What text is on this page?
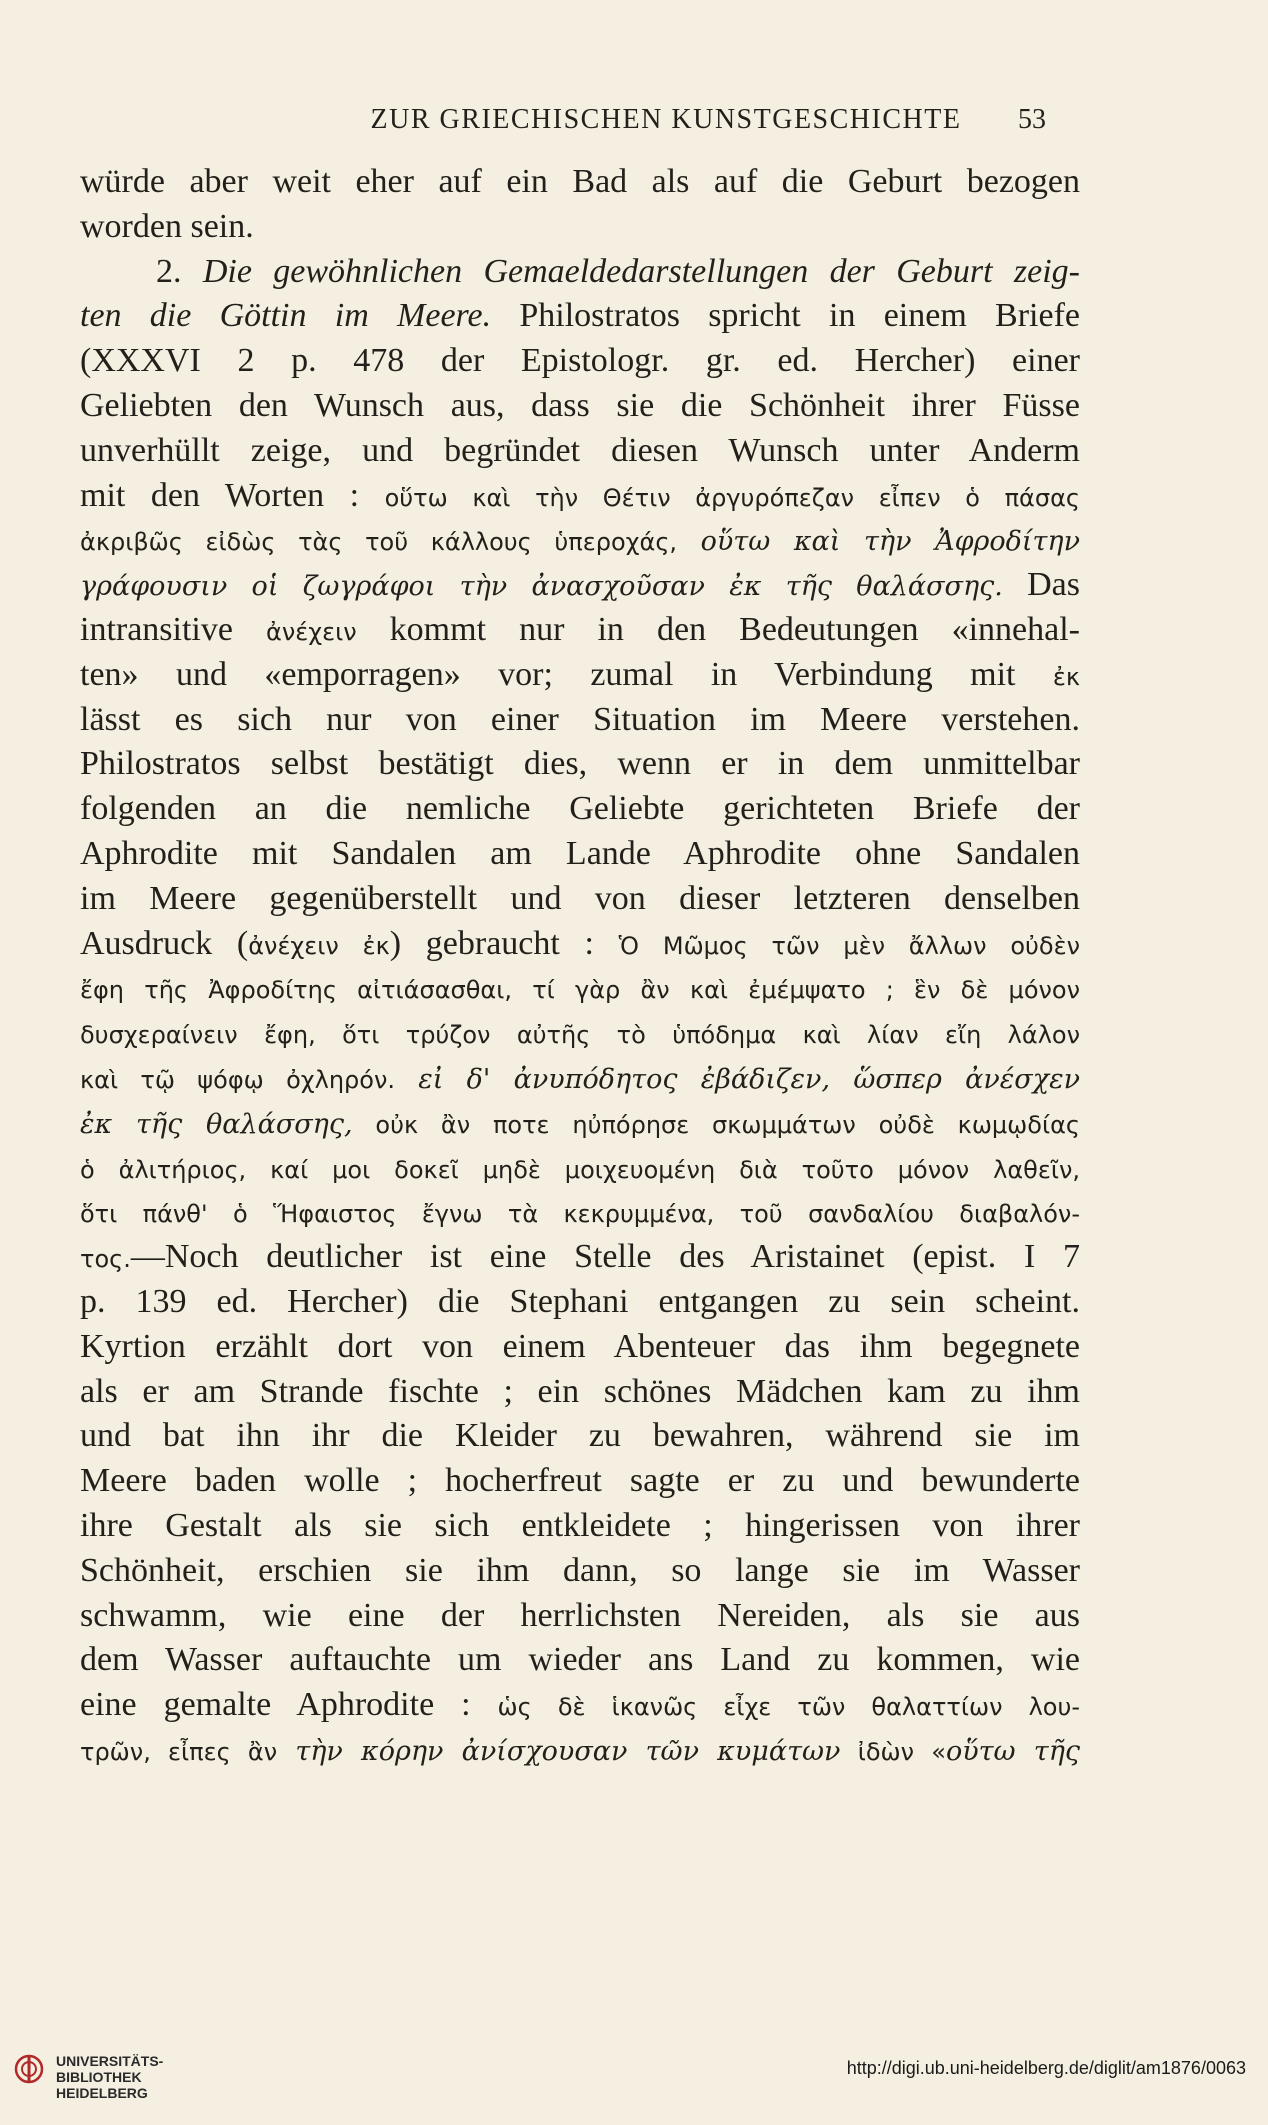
ZUR GRIECHISCHEN KUNSTGESCHICHTE	53
würde aber weit eher auf ein Bad als auf die Geburt bezogen
worden sein.
2. Die gewöhnlichen Gemaeldedarstellungen der Geburt zeig-
ten die Göttin im Meere. Philostratos spricht in einem Briefe
(XXXVI 2 p. 478 der Epistologr. gr. ed. Hercher) einer
Geliebten den Wunsch aus, dass sie die Schönheit ihrer Füsse
unverhüllt zeige, und begründet diesen Wunsch unter Anderm
mit den Worten : οὕτω καὶ τὴν Θέτιν ἀργυρόπεζαν εἶπεν ὁ πάσας
ἀκριβῶς εἰδὼς τὰς τοῦ κάλλους ὑπεροχάς, οὕτω καὶ τὴν Ἀφροδίτην
γράφουσιν οἱ ζωγράφοι τὴν ἀνασχοῦσαν ἐκ τῆς θαλάσσης. Das
intransitive ἀνέχειν kommt nur in den Bedeutungen «innehal-
ten» und «emporragen» vor; zumal in Verbindung mit ἐκ
lässt es sich nur von einer Situation im Meere verstehen.
Philostratos selbst bestätigt dies, wenn er in dem unmittelbar
folgenden an die nemliche Geliebte gerichteten Briefe der
Aphrodite mit Sandalen am Lande Aphrodite ohne Sandalen
im Meere gegenüberstellt und von dieser letzteren denselben
Ausdruck (ἀνέχειν ἐκ) gebraucht : Ὁ Μῶμος τῶν μὲν ἄλλων οὐδὲν
ἔφη τῆς Ἀφροδίτης αἰτιάσασθαι, τί γὰρ ἂν καὶ ἐμέμψατο ; ἓν δὲ μόνον
δυσχεραίνειν ἔφη, ὅτι τρύζον αὐτῆς τὸ ὑπόδημα καὶ λίαν εἴη λάλον
καὶ τῷ ψόφῳ ὀχληρόν. εἰ δ' ἀνυπόδητος ἐβάδιζεν, ὥσπερ ἀνέσχεν
ἐκ τῆς θαλάσσης, οὐκ ἂν ποτε ηὐπόρησε σκωμμάτων οὐδὲ κωμῳδίας
ὁ ἀλιτήριος, καί μοι δοκεῖ μηδὲ μοιχευομένη διὰ τοῦτο μόνον λαθεῖν,
ὅτι πάνθ' ὁ Ἥφαιστος ἔγνω τὰ κεκρυμμένα, τοῦ σανδαλίου διαβαλόν-
τος.—Noch deutlicher ist eine Stelle des Aristainet (epist. I 7
p. 139 ed. Hercher) die Stephani entgangen zu sein scheint.
Kyrtion erzählt dort von einem Abenteuer das ihm begegnete
als er am Strande fischte ; ein schönes Mädchen kam zu ihm
und bat ihn ihr die Kleider zu bewahren, während sie im
Meere baden wolle ; hocherfreut sagte er zu und bewunderte
ihre Gestalt als sie sich entkleidete ; hingerissen von ihrer
Schönheit, erschien sie ihm dann, so lange sie im Wasser
schwamm, wie eine der herrlichsten Nereiden, als sie aus
dem Wasser auftauchte um wieder ans Land zu kommen, wie
eine gemalte Aphrodite : ὡς δὲ ἱκανῶς εἶχε τῶν θαλαττίων λου-
τρῶν, εἶπες ἂν τὴν κόρην ἀνίσχουσαν τῶν κυμάτων ἰδὼν «οὕτω τῆς
UNIVERSITÄTS-
BIBLIOTHEK
HEIDELBERG
http://digi.ub.uni-heidelberg.de/diglit/am1876/0063
